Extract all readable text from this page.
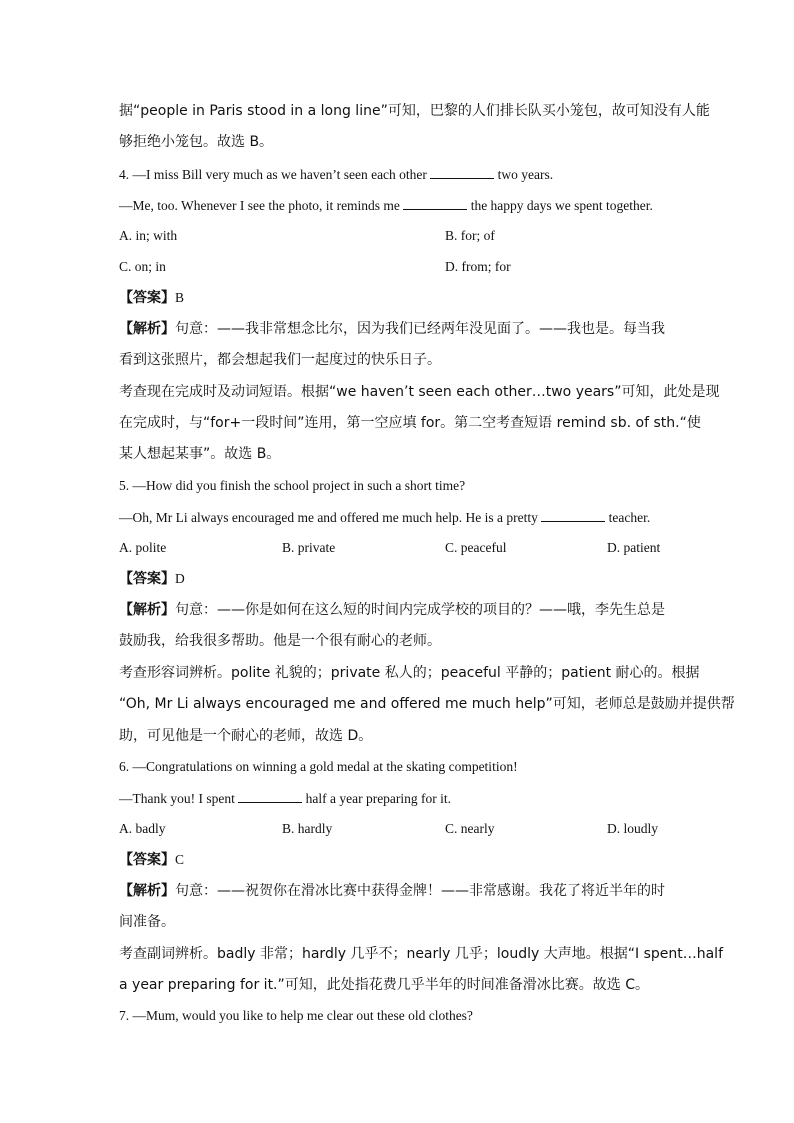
据“people in Paris stood in a long line”可知，巴黎的人们排长队买小笼包，故可知没有人能
够拒绝小笼包。故选 B。
4. —I miss Bill very much as we haven’t seen each other	two years.
—Me, too. Whenever I see the photo, it reminds me	the happy days we spent together.
A. in; with	B. for; of
C. on; in	D. from; for
【答案】B
【解析】句意：——我非常想念比尔，因为我们已经两年没见面了。——我也是。每当我
看到这张照片，都会想起我们一起度过的快乐日子。
考查现在完成时及动词短语。根据“we haven’t seen each other…two years”可知，此处是现
在完成时，与“for+一段时间”连用，第一空应填 for。第二空考查短语 remind sb. of sth.“使
某人想起某事”。故选 B。
5. —How did you finish the school project in such a short time?
—Oh, Mr Li always encouraged me and offered me much help. He is a pretty	teacher.
A. polite	B. private	C. peaceful	D. patient
【答案】D
【解析】句意：——你是如何在这么短的时间内完成学校的项目的？——哦，李先生总是
鼓励我，给我很多帮助。他是一个很有耐心的老师。
考查形容词辨析。polite 礼貌的；private 私人的；peaceful 平静的；patient 耐心的。根据
“Oh, Mr Li always encouraged me and offered me much help”可知，老师总是鼓励并提供帮
助，可见他是一个耐心的老师，故选 D。
6. —Congratulations on winning a gold medal at the skating competition!
—Thank you! I spent	half a year preparing for it.
A. badly	B. hardly	C. nearly	D. loudly
【答案】C
【解析】句意：——祝贺你在滑冰比赛中获得金牌！——非常感谢。我花了将近半年的时
间准备。
考查副词辨析。badly 非常；hardly 几乎不；nearly 几乎；loudly 大声地。根据“I spent…half
a year preparing for it.”可知，此处指花费几乎半年的时间准备滑冰比赛。故选 C。
7. —Mum, would you like to help me clear out these old clothes?
